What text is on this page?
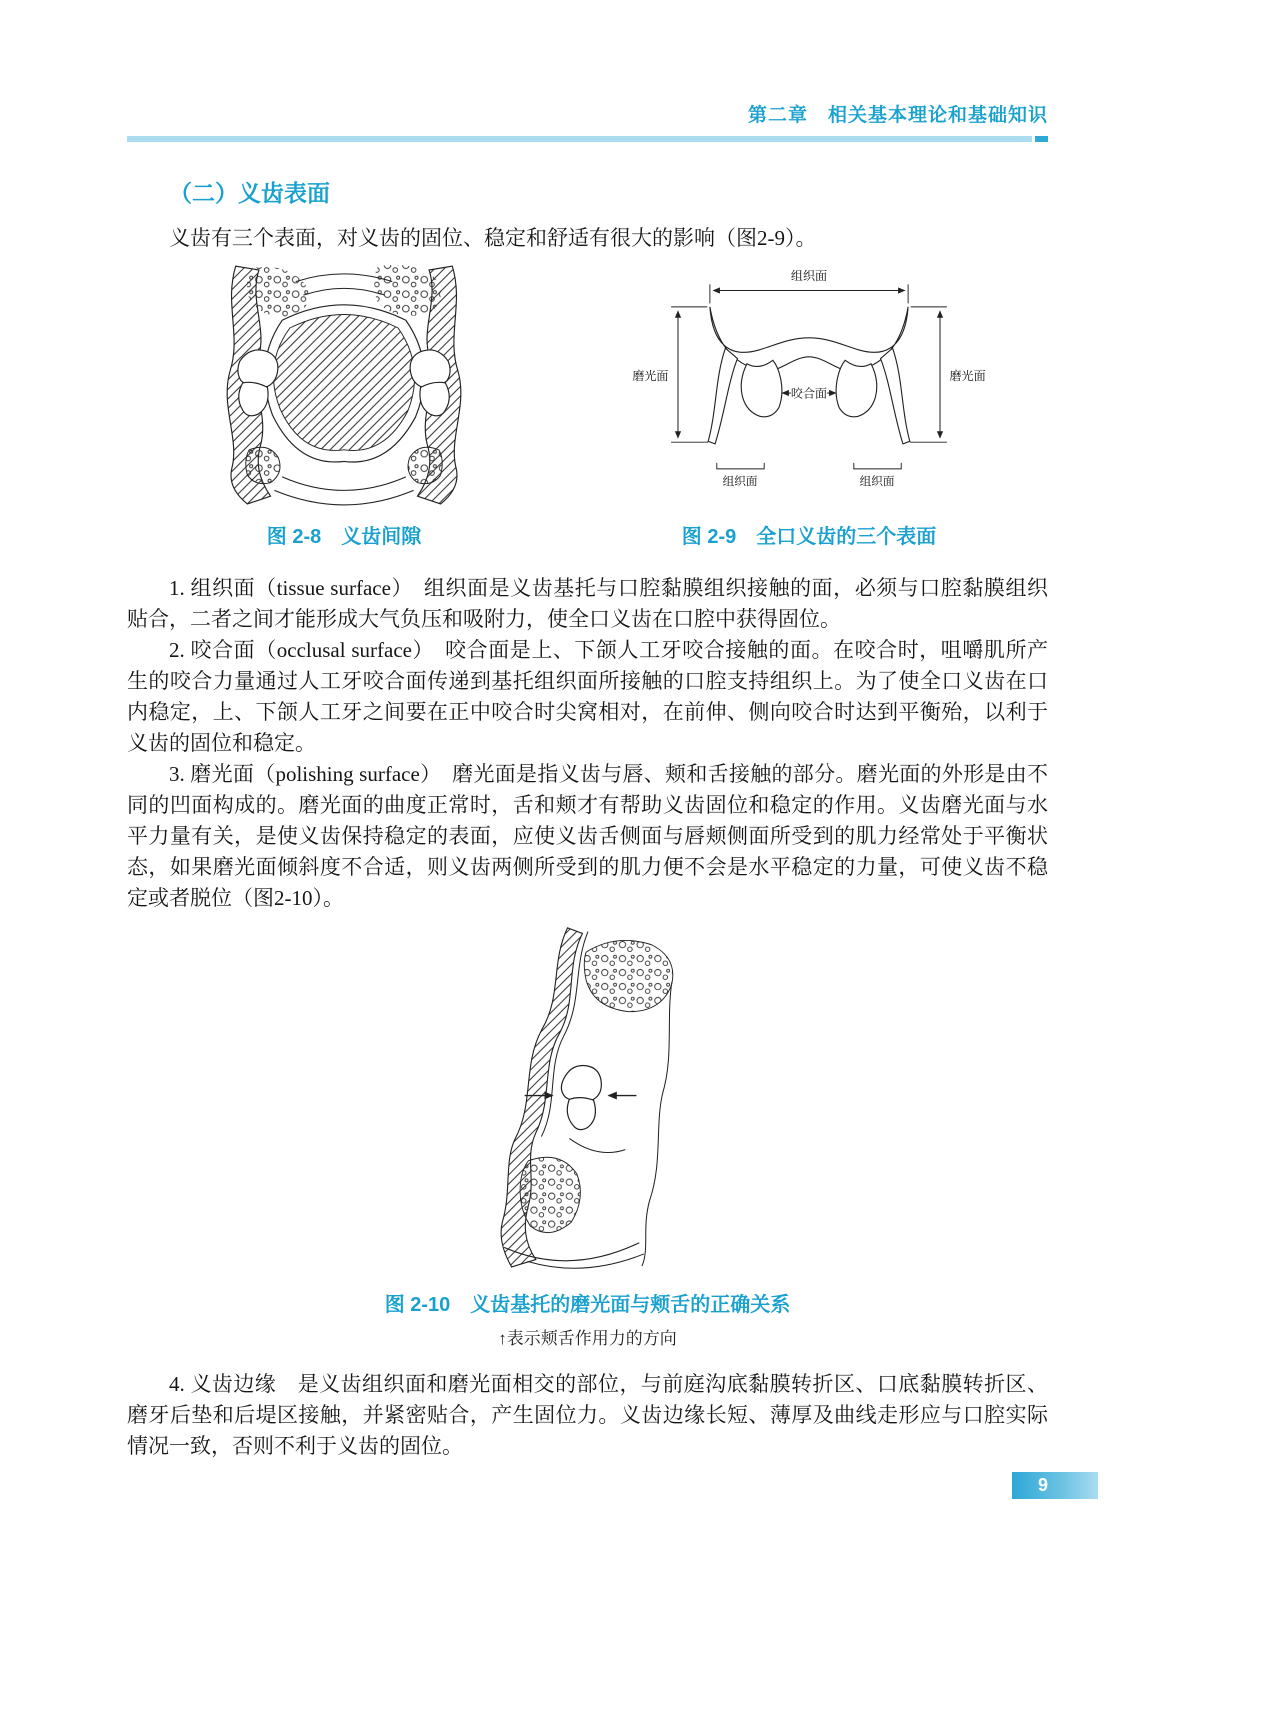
第二章　相关基本理论和基础知识
（二）义齿表面

义齿有三个表面，对义齿的固位、稳定和舒适有很大的影响（图2-9）。

图 2-8　义齿间隙
组织面
磨光面
咬合面
磨光面
组织面	组织面
图 2-9　全口义齿的三个表面

1. 组织面（tissue surface）　组织面是义齿基托与口腔黏膜组织接触的面，必须与口腔黏膜组织贴合，二者之间才能形成大气负压和吸附力，使全口义齿在口腔中获得固位。

2. 咬合面（occlusal surface）　咬合面是上、下颌人工牙咬合接触的面。在咬合时，咀嚼肌所产生的咬合力量通过人工牙咬合面传递到基托组织面所接触的口腔支持组织上。为了使全口义齿在口内稳定，上、下颌人工牙之间要在正中咬合时尖窝相对，在前伸、侧向咬合时达到平衡殆，以利于义齿的固位和稳定。

3. 磨光面（polishing surface）　磨光面是指义齿与唇、颊和舌接触的部分。磨光面的外形是由不同的凹面构成的。磨光面的曲度正常时，舌和颊才有帮助义齿固位和稳定的作用。义齿磨光面与水平力量有关，是使义齿保持稳定的表面，应使义齿舌侧面与唇颊侧面所受到的肌力经常处于平衡状态，如果磨光面倾斜度不合适，则义齿两侧所受到的肌力便不会是水平稳定的力量，可使义齿不稳定或者脱位（图2-10）。

图 2-10　义齿基托的磨光面与颊舌的正确关系
↑表示颊舌作用力的方向

4. 义齿边缘　是义齿组织面和磨光面相交的部位，与前庭沟底黏膜转折区、口底黏膜转折区、磨牙后垫和后堤区接触，并紧密贴合，产生固位力。义齿边缘长短、薄厚及曲线走形应与口腔实际情况一致，否则不利于义齿的固位。

9
